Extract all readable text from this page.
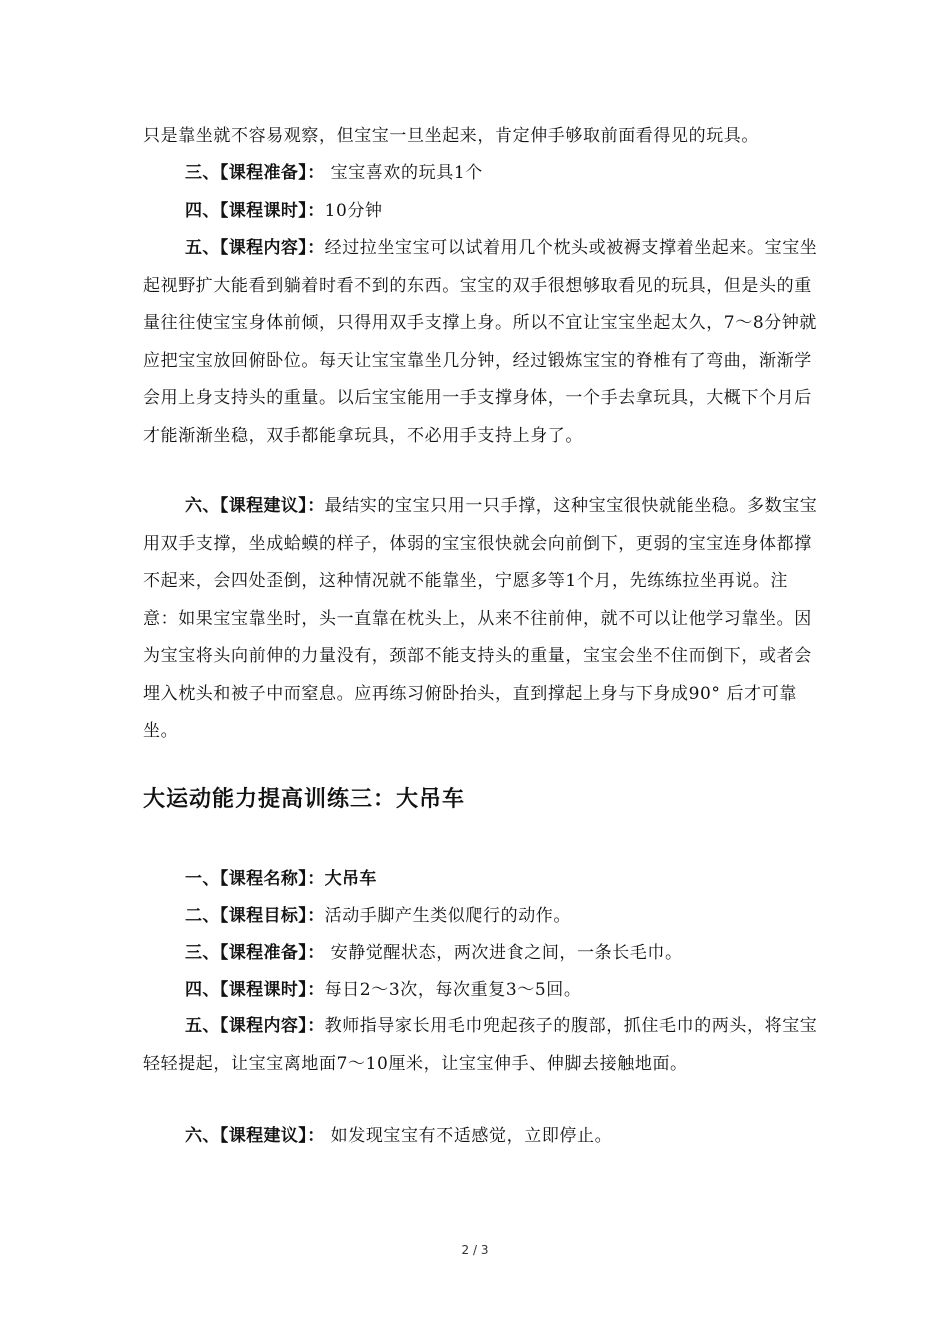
只是靠坐就不容易观察，但宝宝一旦坐起来，肯定伸手够取前面看得见的玩具。
三、【课程准备】： 宝宝喜欢的玩具1个
四、【课程课时】：10分钟

五、【课程内容】：经过拉坐宝宝可以试着用几个枕头或被褥支撑着坐起来。宝宝坐起视野扩大能看到躺着时看不到的东西。宝宝的双手很想够取看见的玩具，但是头的重量往往使宝宝身体前倾，只得用双手支撑上身。所以不宜让宝宝坐起太久，7～8分钟就应把宝宝放回俯卧位。每天让宝宝靠坐几分钟，经过锻炼宝宝的脊椎有了弯曲，渐渐学会用上身支持头的重量。以后宝宝能用一手支撑身体，一个手去拿玩具，大概下个月后才能渐渐坐稳，双手都能拿玩具，不必用手支持上身了。

六、【课程建议】：最结实的宝宝只用一只手撑，这种宝宝很快就能坐稳。多数宝宝用双手支撑，坐成蛤蟆的样子，体弱的宝宝很快就会向前倒下，更弱的宝宝连身体都撑不起来，会四处歪倒，这种情况就不能靠坐，宁愿多等1个月，先练练拉坐再说。注意：如果宝宝靠坐时，头一直靠在枕头上，从来不往前伸，就不可以让他学习靠坐。因为宝宝将头向前伸的力量没有，颈部不能支持头的重量，宝宝会坐不住而倒下，或者会埋入枕头和被子中而窒息。应再练习俯卧抬头，直到撑起上身与下身成90° 后才可靠坐。

大运动能力提高训练三：大吊车
一、【课程名称】：大吊车
二、【课程目标】：活动手脚产生类似爬行的动作。
三、【课程准备】： 安静觉醒状态，两次进食之间，一条长毛巾。
四、【课程课时】：每日2～3次，每次重复3～5回。

五、【课程内容】：教师指导家长用毛巾兜起孩子的腹部，抓住毛巾的两头，将宝宝轻轻提起，让宝宝离地面7～10厘米，让宝宝伸手、伸脚去接触地面。

六、【课程建议】： 如发现宝宝有不适感觉，立即停止。
2 / 3
